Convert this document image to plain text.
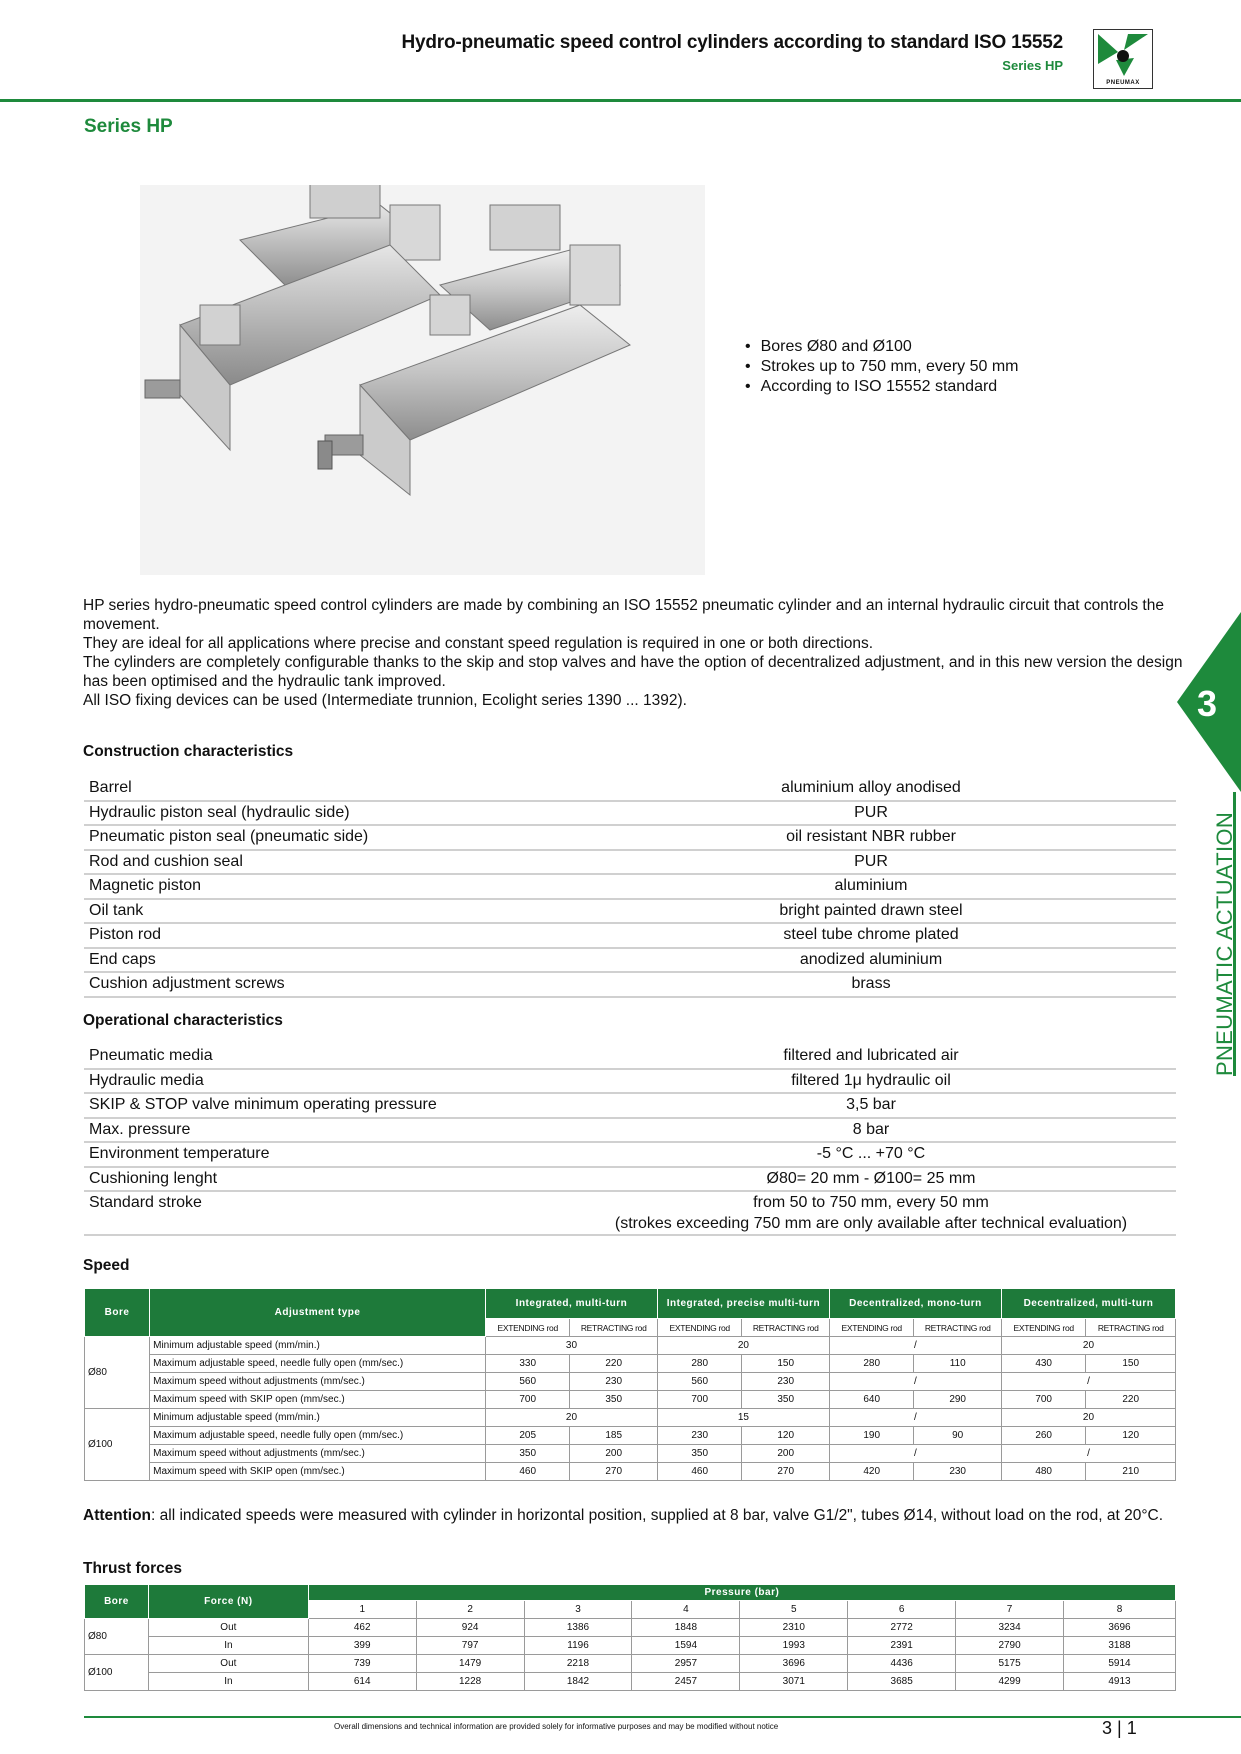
Hydro-pneumatic speed control cylinders according to standard ISO 15552
Series HP
PNEUMAX
Series HP
• Bores Ø80 and Ø100
• Strokes up to 750 mm, every 50 mm
• According to ISO 15552 standard

HP series hydro-pneumatic speed control cylinders are made by combining an ISO 15552 pneumatic cylinder and an internal hydraulic circuit that controls the movement.

They are ideal for all applications where precise and constant speed regulation is required in one or both directions.

The cylinders are completely configurable thanks to the skip and stop valves and have the option of decentralized adjustment, and in this new version the design has been optimised and the hydraulic tank improved.

All ISO fixing devices can be used (Intermediate trunnion, Ecolight series 1390 ... 1392).

Construction characteristics
Barrel	aluminium alloy anodised
Hydraulic piston seal (hydraulic side)	PUR
Pneumatic piston seal (pneumatic side)	oil resistant NBR rubber
Rod and cushion seal	PUR
Magnetic piston	aluminium
Oil tank	bright painted drawn steel
Piston rod	steel tube chrome plated
End caps	anodized aluminium
Cushion adjustment screws	brass
Operational characteristics
Pneumatic media	filtered and lubricated air
Hydraulic media	filtered 1μ hydraulic oil
SKIP & STOP valve minimum operating pressure	3,5 bar
Max. pressure	8 bar
Environment temperature	-5 °C ... +70 °C
Cushioning lenght	Ø80= 20 mm - Ø100= 25 mm
Standard stroke	from 50 to 750 mm, every 50 mm
(strokes exceeding 750 mm are only available after technical evaluation)
3
PNEUMATIC ACTUATION
Speed
Bore	Adjustment type	Integrated, multi-turn		Integrated, precise multi-turn		Decentralized, mono-turn		Decentralized, multi-turn	
		EXTENDING rod	RETRACTING rod	EXTENDING rod	RETRACTING rod	EXTENDING rod	RETRACTING rod	EXTENDING rod	RETRACTING rod
Ø80	Minimum adjustable speed (mm/min.)	30		20		/		20	
	Maximum adjustable speed, needle fully open (mm/sec.)	330	220	280	150	280	110	430	150
	Maximum speed without adjustments (mm/sec.)	560	230	560	230	/		/	
	Maximum speed with SKIP open (mm/sec.)	700	350	700	350	640	290	700	220
Ø100	Minimum adjustable speed (mm/min.)	20		15		/		20	
	Maximum adjustable speed, needle fully open (mm/sec.)	205	185	230	120	190	90	260	120
	Maximum speed without adjustments (mm/sec.)	350	200	350	200	/		/	
	Maximum speed with SKIP open (mm/sec.)	460	270	460	270	420	230	480	210
Attention: all indicated speeds were measured with cylinder in horizontal position, supplied at 8 bar, valve G1/2", tubes Ø14, without load on the rod, at 20°C.
Thrust forces
Bore	Force (N)	Pressure (bar)							
		1	2	3	4	5	6	7	8
Ø80	Out	462	924	1386	1848	2310	2772	3234	3696
	In	399	797	1196	1594	1993	2391	2790	3188
Ø100	Out	739	1479	2218	2957	3696	4436	5175	5914
	In	614	1228	1842	2457	3071	3685	4299	4913
Overall dimensions and technical information are provided solely for informative purposes and may be modified without notice	3 | 1
